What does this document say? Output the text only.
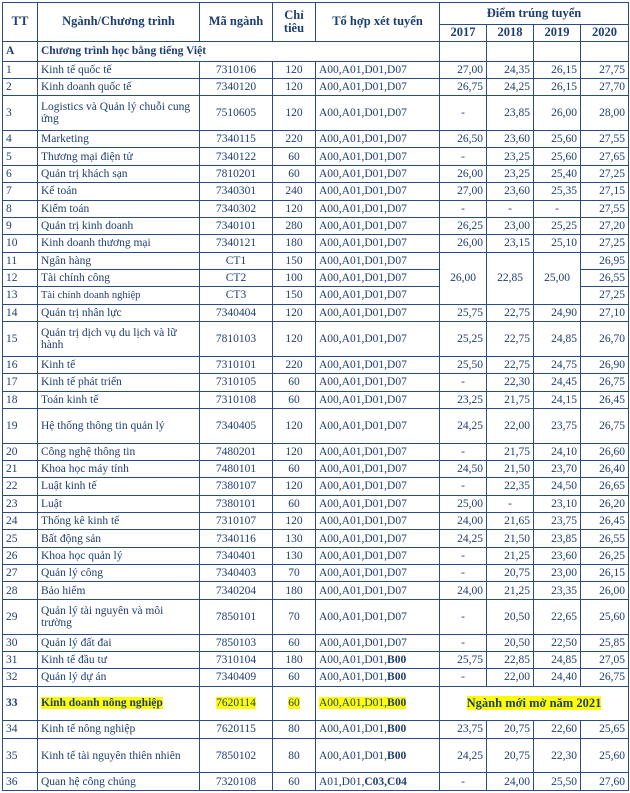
TT	Ngành/Chương trình	Mã ngành	Chỉ tiêu	Tổ hợp xét tuyển	Điểm trúng tuyển			
					2017	2018	2019	2020
A	Chương trình học bằng tiếng Việt							
1	Kinh tế quốc tế	7310106	120	A00,A01,D01,D07	27,00	24,35	26,15	27,75
2	Kinh doanh quốc tế	7340120	120	A00,A01,D01,D07	26,75	24,25	26,15	27,70
3	Logistics và Quản lý chuỗi cung ứng	7510605	120	A00,A01,D01,D07	-	23,85	26,00	28,00
4	Marketing	7340115	220	A00,A01,D01,D07	26,50	23,60	25,60	27,55
5	Thương mại điện tử	7340122	60	A00,A01,D01,D07	-	23,25	25,60	27,65
6	Quản trị khách sạn	7810201	60	A00,A01,D01,D07	26,00	23,25	25,40	27,25
7	Kế toán	7340301	240	A00,A01,D01,D07	27,00	23,60	25,35	27,15
8	Kiểm toán	7340302	120	A00,A01,D01,D07	-	-	-	27,55
9	Quản trị kinh doanh	7340101	280	A00,A01,D01,D07	26,25	23,00	25,25	27,20
10	Kinh doanh thương mại	7340121	180	A00,A01,D01,D07	26,00	23,15	25,10	27,25
11	Ngân hàng	CT1	150	A00,A01,D01,D07	26,00	22,85	25,00	26,95
12	Tài chính công	CT2	100	A00,A01,D01,D07				26,55
13	Tài chính doanh nghiệp	CT3	150	A00,A01,D01,D07				27,25
14	Quản trị nhân lực	7340404	120	A00,A01,D01,D07	25,75	22,75	24,90	27,10
15	Quản trị dịch vụ du lịch và lữ hành	7810103	120	A00,A01,D01,D07	25,25	22,75	24,85	26,70
16	Kinh tế	7310101	220	A00,A01,D01,D07	25,50	22,75	24,75	26,90
17	Kinh tế phát triển	7310105	60	A00,A01,D01,D07	-	22,30	24,45	26,75
18	Toán kinh tế	7310108	60	A00,A01,D01,D07	23,25	21,75	24,15	26,45
19	Hệ thống thông tin quản lý	7340405	120	A00,A01,D01,D07	24,25	22,00	23,75	26,75
20	Công nghệ thông tin	7480201	120	A00,A01,D01,D07	-	21,75	24,10	26,60
21	Khoa học máy tính	7480101	60	A00,A01,D01,D07	24,50	21,50	23,70	26,40
22	Luật kinh tế	7380107	120	A00,A01,D01,D07	-	22,35	24,50	26,65
23	Luật	7380101	60	A00,A01,D01,D07	25,00	-	23,10	26,20
24	Thống kê kinh tế	7310107	120	A00,A01,D01,D07	24,00	21,65	23,75	26,45
25	Bất động sản	7340116	130	A00,A01,D01,D07	24,25	21,50	23,85	26,55
26	Khoa học quản lý	7340401	130	A00,A01,D01,D07	-	21,25	23,60	26,25
27	Quản lý công	7340403	70	A00,A01,D01,D07	-	20,75	23,00	26,15
28	Bảo hiểm	7340204	180	A00,A01,D01,D07	24,00	21,25	23,35	26,00
29	Quản lý tài nguyên và môi trường	7850101	70	A00,A01,D01,D07	-	20,50	22,65	25,60
30	Quản lý đất đai	7850103	60	A00,A01,D01,D07	-	20,50	22,50	25,85
31	Kinh tế đầu tư	7310104	180	A00,A01,D01,B00	25,75	22,85	24,85	27,05
32	Quản lý dự án	7340409	60	A00,A01,D01,B00	-	22,00	24,40	26,75
33	Kinh doanh nông nghiệp	7620114	60	A00,A01,D01,B00	Ngành mới mở năm 2021			
34	Kinh tế nông nghiệp	7620115	80	A00,A01,D01,B00	23,75	20,75	22,60	25,65
35	Kinh tế tài nguyên thiên nhiên	7850102	80	A00,A01,D01,B00	24,25	20,75	22,30	25,60
36	Quan hệ công chúng	7320108	60	A01,D01,C03,C04	-	24,00	25,50	27,60
